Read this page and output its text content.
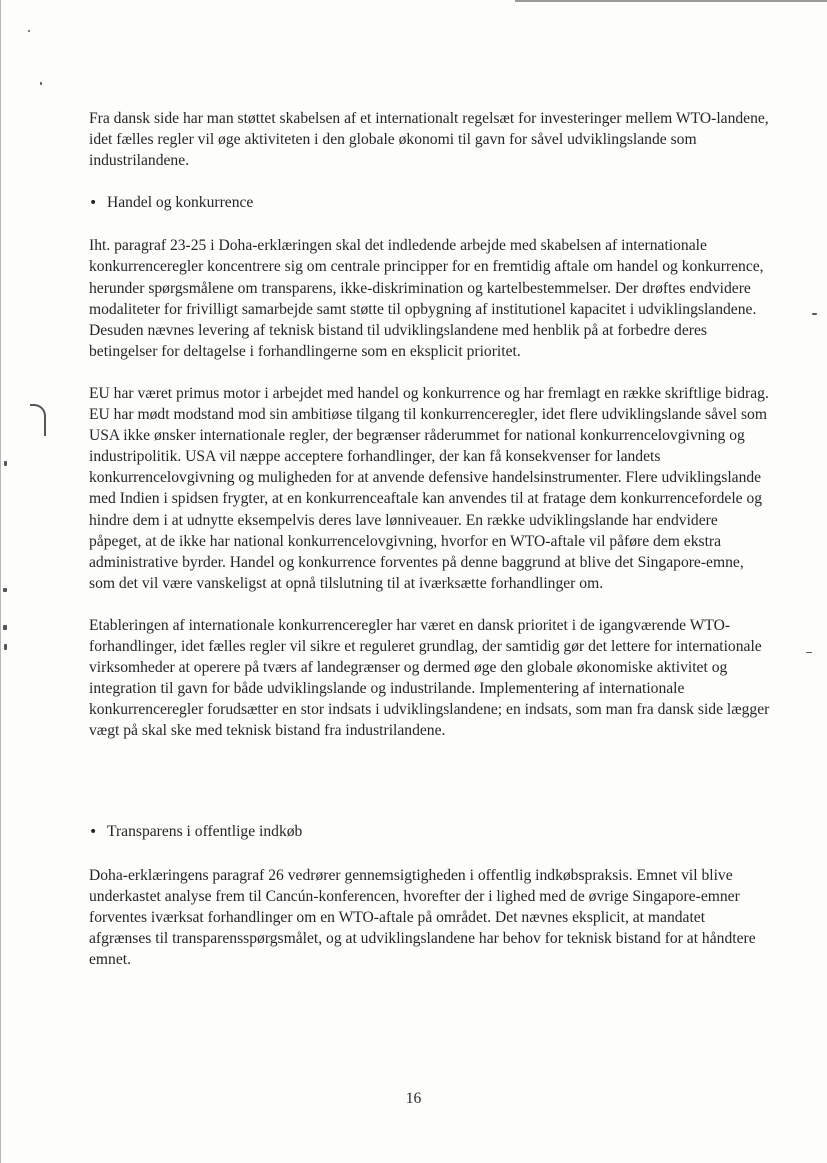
Fra dansk side har man støttet skabelsen af et internationalt regelsæt for investeringer mellem WTO-landene, idet fælles regler vil øge aktiviteten i den globale økonomi til gavn for såvel udviklingslande som industrilandene.

•
Handel og konkurrence

Iht. paragraf 23-25 i Doha-erklæringen skal det indledende arbejde med skabelsen af internationale konkurrenceregler koncentrere sig om centrale principper for en fremtidig aftale om handel og konkurrence, herunder spørgsmålene om transparens, ikke-diskrimination og kartelbestemmelser. Der drøftes endvidere modaliteter for frivilligt samarbejde samt støtte til opbygning af institutionel kapacitet i udviklingslandene. Desuden nævnes levering af teknisk bistand til udviklingslandene med henblik på at forbedre deres betingelser for deltagelse i forhandlingerne som en eksplicit prioritet.

EU har været primus motor i arbejdet med handel og konkurrence og har fremlagt en række skriftlige bidrag. EU har mødt modstand mod sin ambitiøse tilgang til konkurrenceregler, idet flere udviklingslande såvel som USA ikke ønsker internationale regler, der begrænser råderummet for national konkurrencelovgivning og industripolitik. USA vil næppe acceptere forhandlinger, der kan få konsekvenser for landets konkurrencelovgivning og muligheden for at anvende defensive handelsinstrumenter. Flere udviklingslande med Indien i spidsen frygter, at en konkurrenceaftale kan anvendes til at fratage dem konkurrencefordele og hindre dem i at udnytte eksempelvis deres lave lønniveauer. En række udviklingslande har endvidere påpeget, at de ikke har national konkurrencelovgivning, hvorfor en WTO-aftale vil påføre dem ekstra administrative byrder. Handel og konkurrence forventes på denne baggrund at blive det Singapore-emne, som det vil være vanskeligst at opnå tilslutning til at iværksætte forhandlinger om.

Etableringen af internationale konkurrenceregler har været en dansk prioritet i de igangværende WTO-forhandlinger, idet fælles regler vil sikre et reguleret grundlag, der samtidig gør det lettere for internationale virksomheder at operere på tværs af landegrænser og dermed øge den globale økonomiske aktivitet og integration til gavn for både udviklingslande og industrilande. Implementering af internationale konkurrenceregler forudsætter en stor indsats i udviklingslandene; en indsats, som man fra dansk side lægger vægt på skal ske med teknisk bistand fra industrilandene.

•
Transparens i offentlige indkøb

Doha-erklæringens paragraf 26 vedrører gennemsigtigheden i offentlig indkøbspraksis. Emnet vil blive underkastet analyse frem til Cancún-konferencen, hvorefter der i lighed med de øvrige Singapore-emner forventes iværksat forhandlinger om en WTO-aftale på området. Det nævnes eksplicit, at mandatet afgrænses til transparensspørgsmålet, og at udviklingslandene har behov for teknisk bistand for at håndtere emnet.

16
